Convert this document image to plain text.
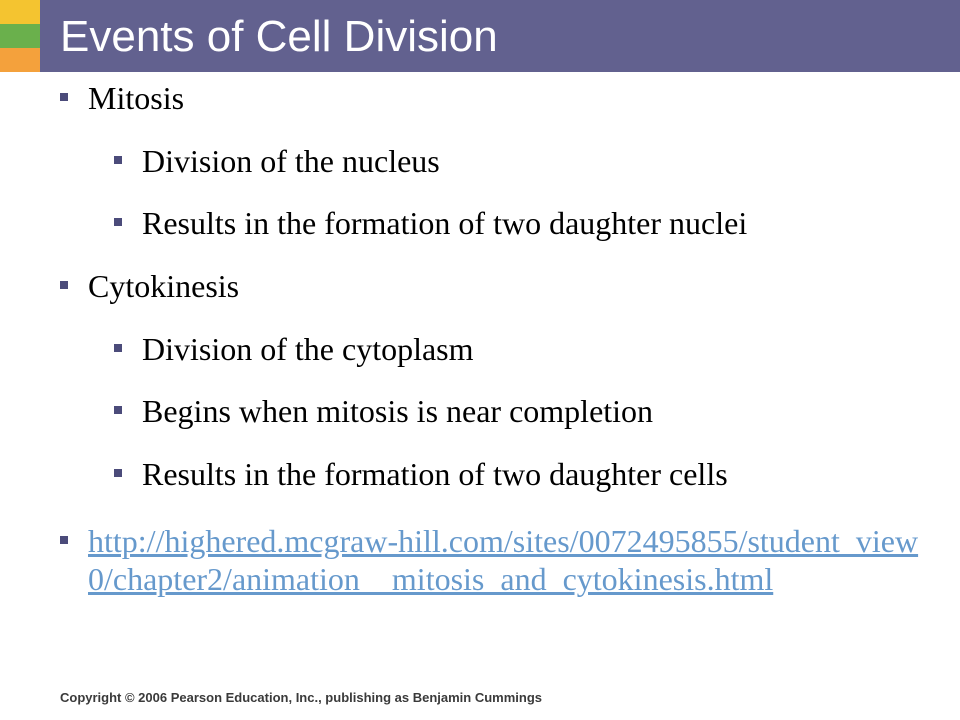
Events of Cell Division
Mitosis
Division of the nucleus
Results in the formation of two daughter nuclei
Cytokinesis
Division of the cytoplasm
Begins when mitosis is near completion
Results in the formation of two daughter cells
http://highered.mcgraw-hill.com/sites/0072495855/student_view0/chapter2/animation__mitosis_and_cytokinesis.html

Copyright © 2006 Pearson Education, Inc., publishing as Benjamin Cummings
